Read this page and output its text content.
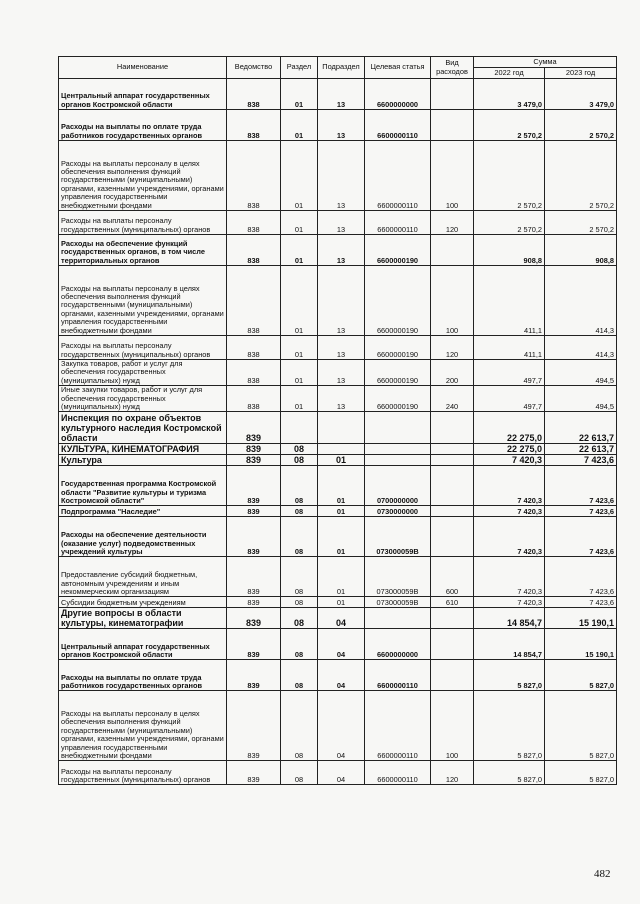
Наименование	Ведомство	Раздел	Подраздел	Целевая статья	Вид расходов	Сумма	
						2022 год	2023 год
Центральный аппарат государственных органов Костромской области	838	01	13	6600000000		3 479,0	3 479,0
Расходы на выплаты по оплате труда работников государственных органов	838	01	13	6600000110		2 570,2	2 570,2
Расходы на выплаты персоналу в целях обеспечения выполнения функций государственными (муниципальными) органами, казенными учреждениями, органами управления государственными внебюджетными фондами	838	01	13	6600000110	100	2 570,2	2 570,2
Расходы на выплаты персоналу государственных (муниципальных) органов	838	01	13	6600000110	120	2 570,2	2 570,2
Расходы на обеспечение функций государственных органов, в том числе территориальных органов	838	01	13	6600000190		908,8	908,8
Расходы на выплаты персоналу в целях обеспечения выполнения функций государственными (муниципальными) органами, казенными учреждениями, органами управления государственными внебюджетными фондами	838	01	13	6600000190	100	411,1	414,3
Расходы на выплаты персоналу государственных (муниципальных) органов	838	01	13	6600000190	120	411,1	414,3
Закупка товаров, работ и услуг для обеспечения государственных (муниципальных) нужд	838	01	13	6600000190	200	497,7	494,5
Иные закупки товаров, работ и услуг для обеспечения государственных (муниципальных) нужд	838	01	13	6600000190	240	497,7	494,5
Инспекция по охране объектов культурного наследия Костромской области	839					22 275,0	22 613,7
КУЛЬТУРА, КИНЕМАТОГРАФИЯ	839	08				22 275,0	22 613,7
Культура	839	08	01			7 420,3	7 423,6
Государственная программа Костромской области "Развитие культуры и туризма Костромской области"	839	08	01	0700000000		7 420,3	7 423,6
Подпрограмма "Наследие"	839	08	01	0730000000		7 420,3	7 423,6
Расходы на обеспечение деятельности (оказание услуг) подведомственных учреждений культуры	839	08	01	073000059В		7 420,3	7 423,6
Предоставление субсидий бюджетным, автономным учреждениям и иным некоммерческим организациям	839	08	01	073000059В	600	7 420,3	7 423,6
Субсидии бюджетным учреждениям	839	08	01	073000059В	610	7 420,3	7 423,6
Другие вопросы в области культуры, кинематографии	839	08	04			14 854,7	15 190,1
Центральный аппарат государственных органов Костромской области	839	08	04	6600000000		14 854,7	15 190,1
Расходы на выплаты по оплате труда работников государственных органов	839	08	04	6600000110		5 827,0	5 827,0
Расходы на выплаты персоналу в целях обеспечения выполнения функций государственными (муниципальными) органами, казенными учреждениями, органами управления государственными внебюджетными фондами	839	08	04	6600000110	100	5 827,0	5 827,0
Расходы на выплаты персоналу государственных (муниципальных) органов	839	08	04	6600000110	120	5 827,0	5 827,0
482
